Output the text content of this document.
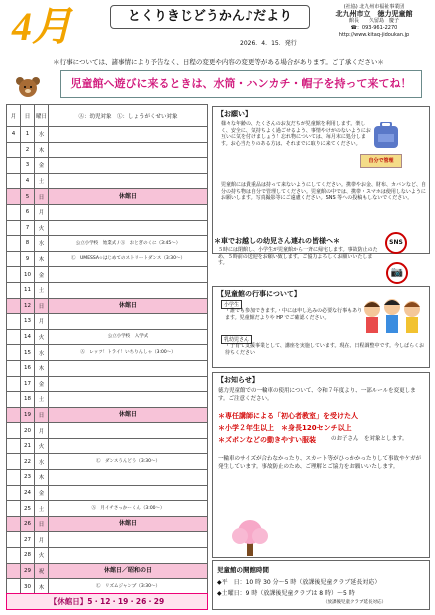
4月	とくりきじどうかん♪だより
2026．4．15．発行
(社協) 北九州市福祉事業団
北九州市立　徳力児童館
館長　　久留島　慶子
☎：093-961-2270
http://www.kitaq-jidoukan.jp
＊行事については、諸事情により予告なく、日程の変更や内容の変更等がある場合があります。ご了承ください＊
児童館へ遊びに来るときは、水筒・ハンカチ・帽子を持って来てね！
月	日	曜日	Ⓐ：幼児対象　Ⓛ：しょうがくせい対象
4	1	水	
	2	木	
	3	金	
	4	土	
	5	日	休館日
	6	月	
	7	火	
	8	水	公立小学校　始業式 / Ⓐ　おとぎのくに（3:45～）
	9	木	Ⓛ　UMESSA☆はじめてのストリートダンス（3:30～）
	10	金	
	11	土	
	12	日	休館日
	13	月	
	14	火	公立小学校　入学式
	15	水	Ⓐ　レッツ！トライ！いちりんしゃ（3:00～）
	16	木	
	17	金	
	18	土	
	19	日	休館日
	20	月	
	21	火	
	22	水	Ⓛ　ダンスうんどう（3:30～）
	23	木	
	24	金	
	25	土	Ⓐ　月イチさっかーくん（3:00～）
	26	日	休館日
	27	月	
	28	火	
	29	祝	休館日／昭和の日
	30	木	Ⓛ　リズムジャンプ（3:30～）
【休館日】5・12・19・26・29
【お願い】
様々な年齢の、たくさんのお友だちが児童館を利用します。楽しく、安全に、気持ちよく過ごせるよう、事情やけがのないようにお互いに気を付けましょう！忘れ物については、毎月末に処分します。お心当たりのある方は、それまでに取りに来てください。
児童館には貴重品は持って来ないようにしてください。携帯やお金、財布、カバンなど、自分の持ち物は自分で管理してください。児童館の中では、携帯・スマホは使用しないようにお願いします。写真撮影等にご遠慮ください。SNS 等への投稿もしないでください。
自分で管理
＊車でお越しの幼児さん連れの皆様へ＊
５時には閉館し、小学生が児童館から一斉に帰宅します。事故防止のため、５時前の送迎をお願い致します。ご協力よろしくお願いいたします。
SNS
📷
【児童館の行事について】
小学生
・誰でも参加できます。・中には申し込みの必要な行事もあります。児童館だよりや HP でご確認ください。
乳幼児さん
・子育て支援事業として、講座を実施しています。現在、日程調整中です。今しばらくお待ちください
【お知らせ】
徳力児童館での一輪車の使用について、令和７年度より、一部ルールを変更します。ご注意ください。
＊専任講師による「初心者教室」を受けた人
＊小学２年生以上　＊身長120センチ以上
＊ズボンなどの動きやすい服装	のお子さん　を対象とします。
一輪車のサイズが合わなかったり、スカート等がひっかかったりして事故やケガが発生しています。事故防止のため、ご理解とご協力をお願いいたします。
児童館の開館時間
◆平　日：10 時 30 分～5 時（放課後児童クラブ延長対応）
◆土曜日：9 時（放課後児童クラブは 8 時）～5 時
（放課後児童クラブ延長対応）
